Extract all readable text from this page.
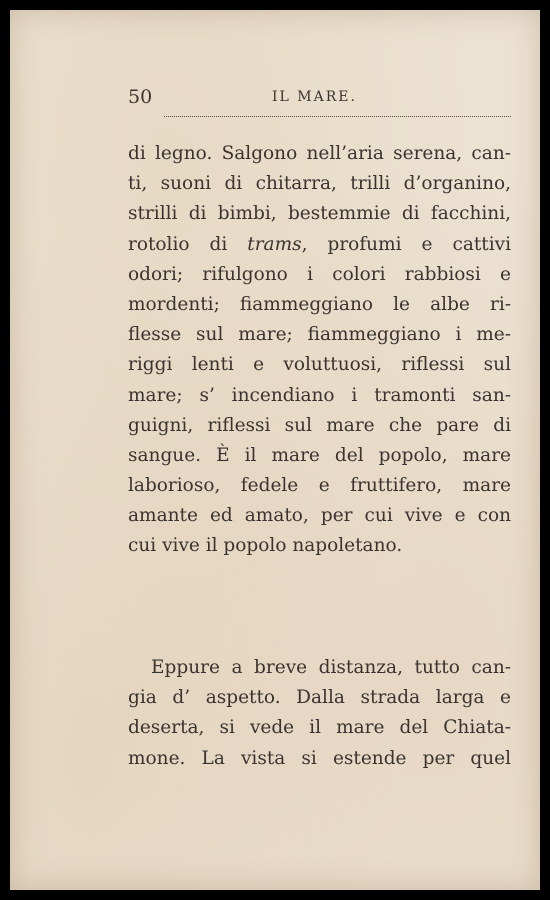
50	IL MARE.
di legno. Salgono nell’aria serena, can-
ti, suoni di chitarra, trilli d’organino,
strilli di bimbi, bestemmie di facchini,
rotolio di trams, profumi e cattivi
odori; rifulgono i colori rabbiosi e
mordenti; fiammeggiano le albe ri-
flesse sul mare; fiammeggiano i me-
riggi lenti e voluttuosi, riflessi sul
mare; s’ incendiano i tramonti san-
guigni, riflessi sul mare che pare di
sangue. È il mare del popolo, mare
laborioso, fedele e fruttifero, mare
amante ed amato, per cui vive e con
cui vive il popolo napoletano.
Eppure a breve distanza, tutto can-
gia d’ aspetto. Dalla strada larga e
deserta, si vede il mare del Chiata-
mone. La vista si estende per quel
